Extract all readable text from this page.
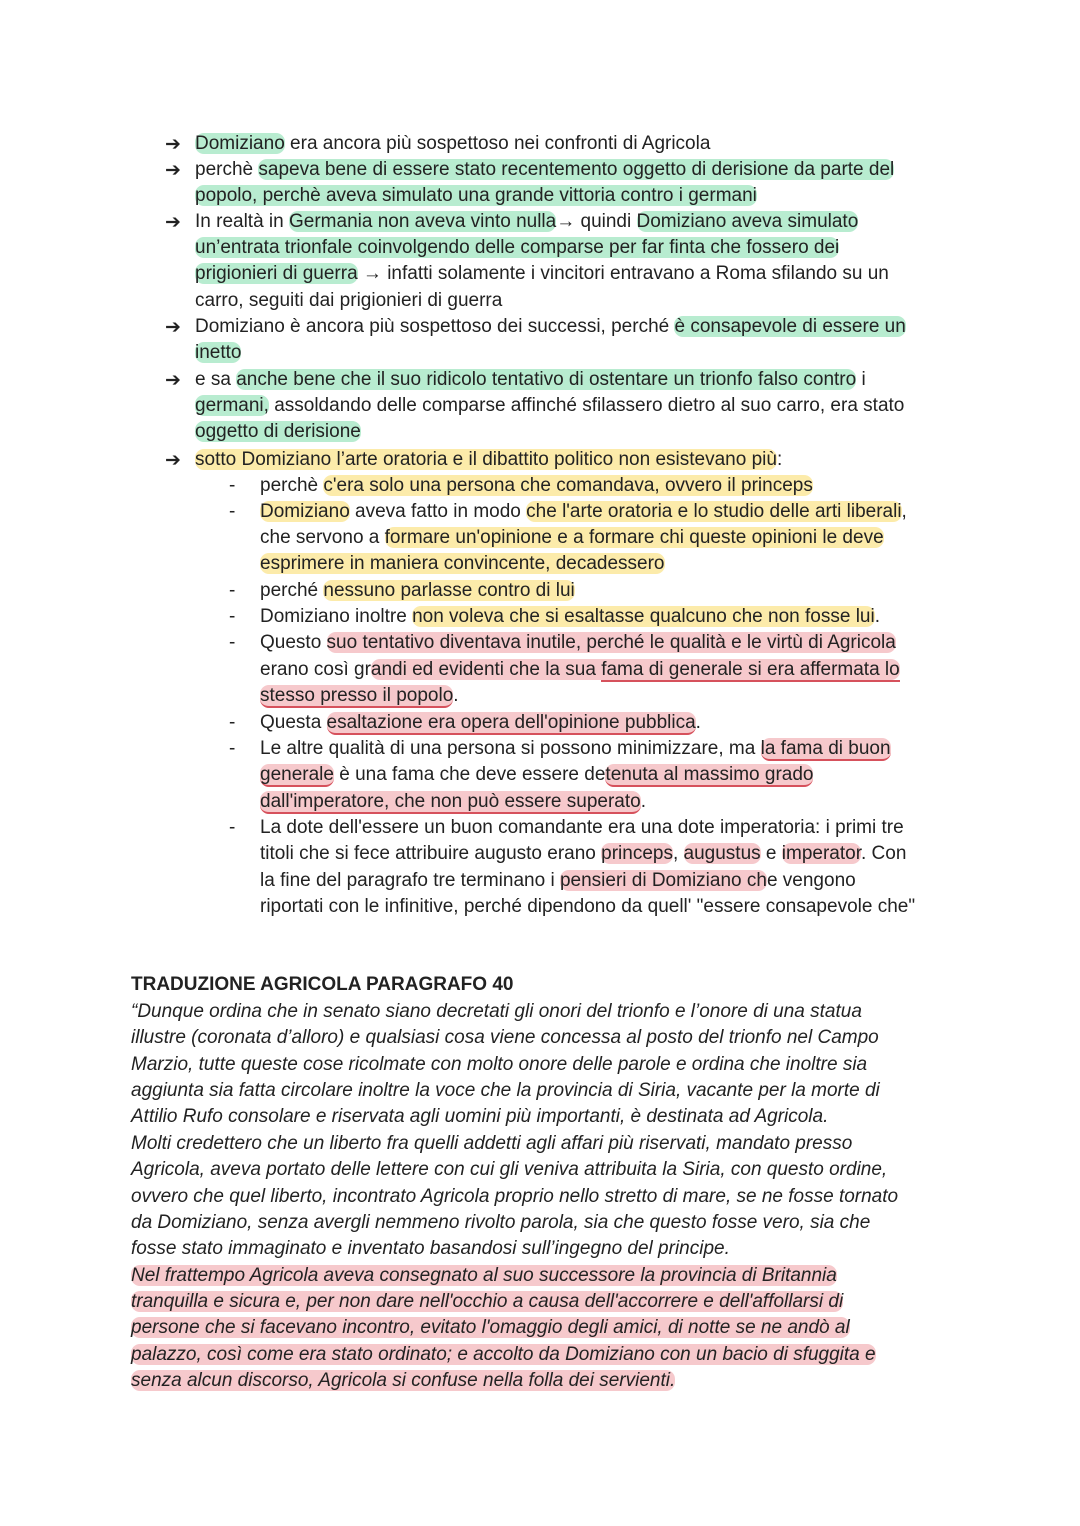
➔
➔
➔
➔
➔
➔
Domiziano era ancora più sospettoso nei confronti di Agricola
perchè sapeva bene di essere stato recentemento oggetto di derisione da parte del
popolo, perchè aveva simulato una grande vittoria contro i germani
In realtà in Germania non aveva vinto nulla→ quindi Domiziano aveva simulato
un’entrata trionfale coinvolgendo delle comparse per far finta che fossero dei
prigionieri di guerra → infatti solamente i vincitori entravano a Roma sfilando su un
carro, seguiti dai prigionieri di guerra
Domiziano è ancora più sospettoso dei successi, perché è consapevole di essere un
inetto
e sa anche bene che il suo ridicolo tentativo di ostentare un trionfo falso contro i
germani, assoldando delle comparse affinché sfilassero dietro al suo carro, era stato
oggetto di derisione
sotto Domiziano l’arte oratoria e il dibattito politico non esistevano più:
-
-
-
-
-
-
-
-
perchè c'era solo una persona che comandava, ovvero il princeps
Domiziano aveva fatto in modo che l'arte oratoria e lo studio delle arti liberali,
che servono a formare un'opinione e a formare chi queste opinioni le deve
esprimere in maniera convincente, decadessero
perché nessuno parlasse contro di lui
Domiziano inoltre non voleva che si esaltasse qualcuno che non fosse lui.
Questo suo tentativo diventava inutile, perché le qualità e le virtù di Agricola
erano così grandi ed evidenti che la sua fama di generale si era affermata lo
stesso presso il popolo.
Questa esaltazione era opera dell'opinione pubblica.
Le altre qualità di una persona si possono minimizzare, ma la fama di buon
generale è una fama che deve essere detenuta al massimo grado
dall'imperatore, che non può essere superato.
La dote dell'essere un buon comandante era una dote imperatoria: i primi tre
titoli che si fece attribuire augusto erano princeps, augustus e imperator. Con
la fine del paragrafo tre terminano i pensieri di Domiziano che vengono
riportati con le infinitive, perché dipendono da quell' "essere consapevole che"
TRADUZIONE AGRICOLA PARAGRAFO 40
“Dunque ordina che in senato siano decretati gli onori del trionfo e l’onore di una statua
illustre (coronata d’alloro) e qualsiasi cosa viene concessa al posto del trionfo nel Campo
Marzio, tutte queste cose ricolmate con molto onore delle parole e ordina che inoltre sia
aggiunta sia fatta circolare inoltre la voce che la provincia di Siria, vacante per la morte di
Attilio Rufo consolare e riservata agli uomini più importanti, è destinata ad Agricola.
Molti credettero che un liberto fra quelli addetti agli affari più riservati, mandato presso
Agricola, aveva portato delle lettere con cui gli veniva attribuita la Siria, con questo ordine,
ovvero che quel liberto, incontrato Agricola proprio nello stretto di mare, se ne fosse tornato
da Domiziano, senza avergli nemmeno rivolto parola, sia che questo fosse vero, sia che
fosse stato immaginato e inventato basandosi sull’ingegno del principe.
Nel frattempo Agricola aveva consegnato al suo successore la provincia di Britannia
tranquilla e sicura e, per non dare nell'occhio a causa dell'accorrere e dell'affollarsi di
persone che si facevano incontro, evitato l'omaggio degli amici, di notte se ne andò al
palazzo, così come era stato ordinato; e accolto da Domiziano con un bacio di sfuggita e
senza alcun discorso, Agricola si confuse nella folla dei servienti.
